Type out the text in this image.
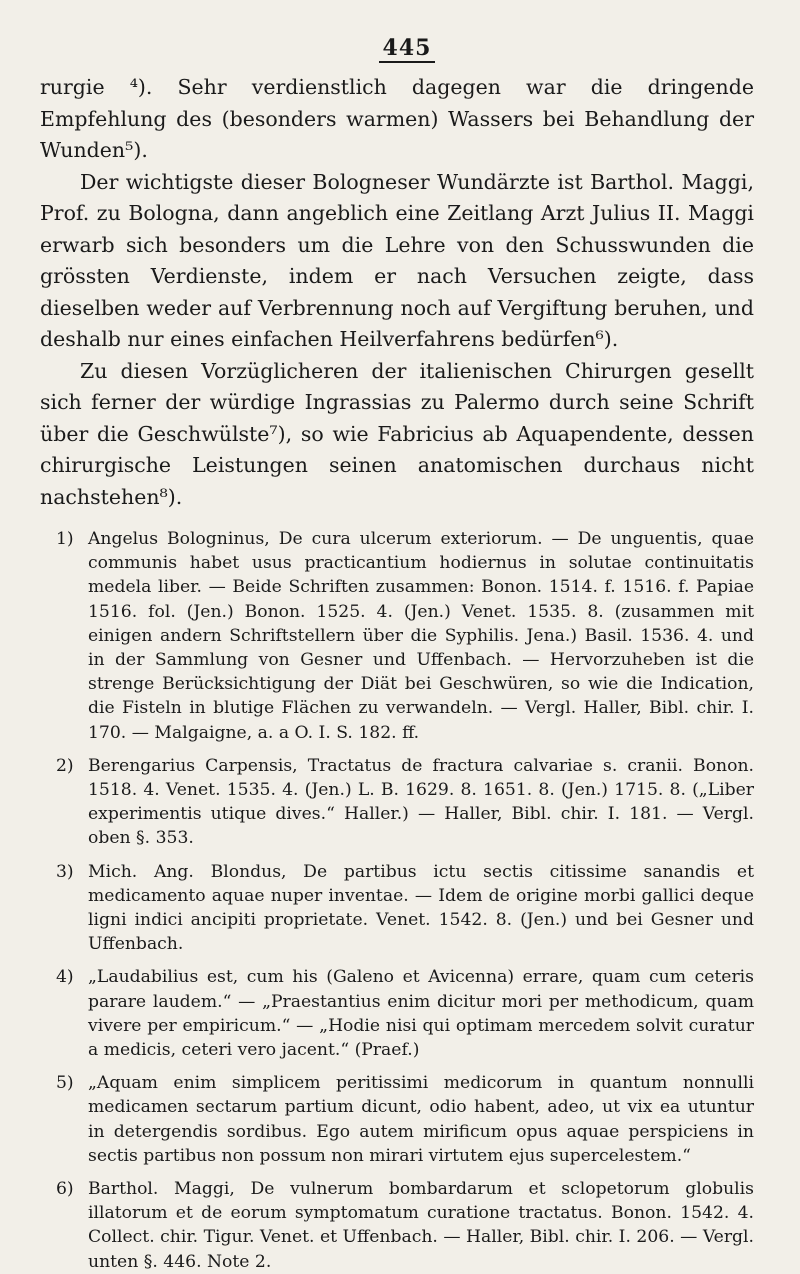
445

rurgie ⁴). Sehr verdienstlich dagegen war die dringende Empfehlung des (besonders warmen) Wassers bei Behandlung der Wunden⁵).

Der wichtigste dieser Bologneser Wundärzte ist Barthol. Maggi, Prof. zu Bologna, dann angeblich eine Zeitlang Arzt Julius II. Maggi erwarb sich besonders um die Lehre von den Schusswunden die grössten Verdienste, indem er nach Versuchen zeigte, dass dieselben weder auf Verbrennung noch auf Vergiftung beruhen, und deshalb nur eines einfachen Heilverfahrens bedürfen⁶).

Zu diesen Vorzüglicheren der italienischen Chirurgen gesellt sich ferner der würdige Ingrassias zu Palermo durch seine Schrift über die Geschwülste⁷), so wie Fabricius ab Aquapendente, dessen chirurgische Leistungen seinen anatomischen durchaus nicht nachstehen⁸).

1) Angelus Bologninus, De cura ulcerum exteriorum. — De unguentis, quae communis habet usus practicantium hodiernus in solutae continuitatis medela liber. — Beide Schriften zusammen: Bonon. 1514. f. 1516. f. Papiae 1516. fol. (Jen.) Bonon. 1525. 4. (Jen.) Venet. 1535. 8. (zusammen mit einigen andern Schriftstellern über die Syphilis. Jena.) Basil. 1536. 4. und in der Sammlung von Gesner und Uffenbach. — Hervorzuheben ist die strenge Berücksichtigung der Diät bei Geschwüren, so wie die Indication, die Fisteln in blutige Flächen zu verwandeln. — Vergl. Haller, Bibl. chir. I. 170. — Malgaigne, a. a O. I. S. 182. ff.
2) Berengarius Carpensis, Tractatus de fractura calvariae s. cranii. Bonon. 1518. 4. Venet. 1535. 4. (Jen.) L. B. 1629. 8. 1651. 8. (Jen.) 1715. 8. („Liber experimentis utique dives.“ Haller.) — Haller, Bibl. chir. I. 181. — Vergl. oben §. 353.
3) Mich. Ang. Blondus, De partibus ictu sectis citissime sanandis et medicamento aquae nuper inventae. — Idem de origine morbi gallici deque ligni indici ancipiti proprietate. Venet. 1542. 8. (Jen.) und bei Gesner und Uffenbach.
4) „Laudabilius est, cum his (Galeno et Avicenna) errare, quam cum ceteris parare laudem.“ — „Praestantius enim dicitur mori per methodicum, quam vivere per empiricum.“ — „Hodie nisi qui optimam mercedem solvit curatur a medicis, ceteri vero jacent.“ (Praef.)
5) „Aquam enim simplicem peritissimi medicorum in quantum nonnulli medicamen sectarum partium dicunt, odio habent, adeo, ut vix ea utuntur in detergendis sordibus. Ego autem mirificum opus aquae perspiciens in sectis partibus non possum non mirari virtutem ejus supercelestem.“
6) Barthol. Maggi, De vulnerum bombardarum et sclopetorum globulis illatorum et de eorum symptomatum curatione tractatus. Bonon. 1542. 4. Collect. chir. Tigur. Venet. et Uffenbach. — Haller, Bibl. chir. I. 206. — Vergl. unten §. 446. Note 2.
